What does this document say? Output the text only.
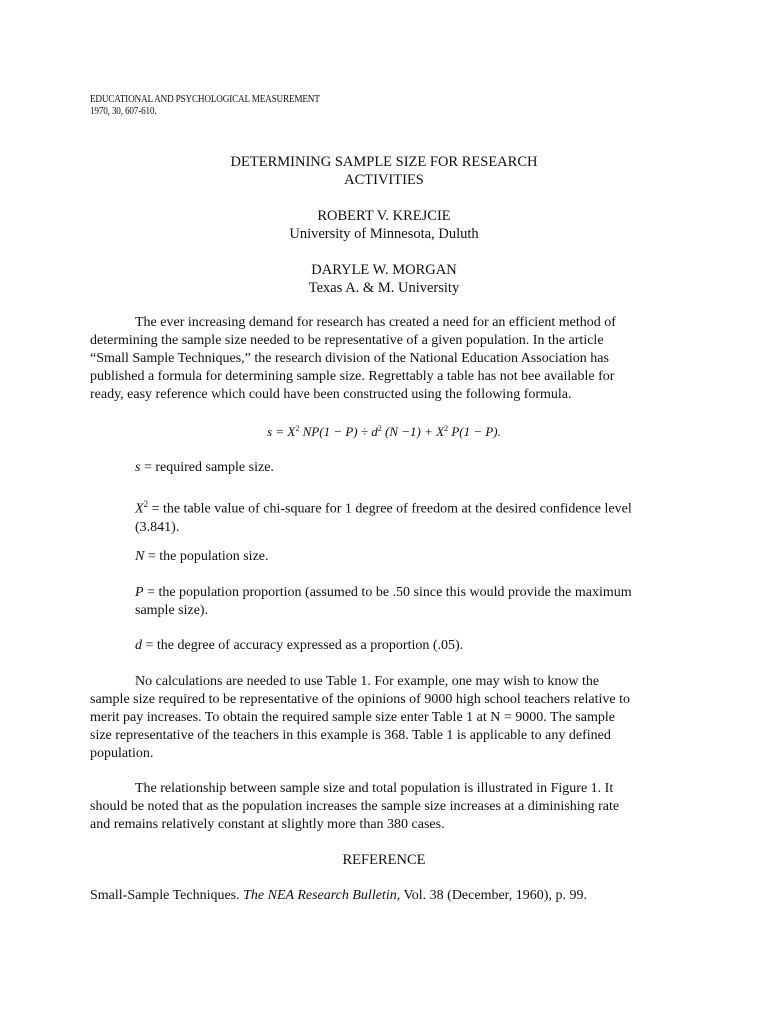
EDUCATIONAL AND PSYCHOLOGICAL MEASUREMENT
1970, 30, 607-610.
DETERMINING SAMPLE SIZE FOR RESEARCH
ACTIVITIES
ROBERT V. KREJCIE
University of Minnesota, Duluth
DARYLE W. MORGAN
Texas A. & M. University
The ever increasing demand for research has created a need for an efficient method of
determining the sample size needed to be representative of a given population. In the article
“Small Sample Techniques,” the research division of the National Education Association has
published a formula for determining sample size. Regrettably a table has not bee available for
ready, easy reference which could have been constructed using the following formula.
$s = X^2$ $NP(1 - P) \div d^2$ $(N -1) + X^2$ P(1 − P).
s = required sample size.
$X^2$ = the table value of chi-square for 1 degree of freedom at the desired confidence level
(3.841).
N = the population size.
P = the population proportion (assumed to be .50 since this would provide the maximum
sample size).
d = the degree of accuracy expressed as a proportion (.05).
No calculations are needed to use Table 1. For example, one may wish to know the
sample size required to be representative of the opinions of 9000 high school teachers relative to
merit pay increases. To obtain the required sample size enter Table 1 at N = 9000. The sample
size representative of the teachers in this example is 368. Table 1 is applicable to any defined
population.
The relationship between sample size and total population is illustrated in Figure 1. It
should be noted that as the population increases the sample size increases at a diminishing rate
and remains relatively constant at slightly more than 380 cases.
REFERENCE
Small-Sample Techniques. The NEA Research Bulletin, Vol. 38 (December, 1960), p. 99.
